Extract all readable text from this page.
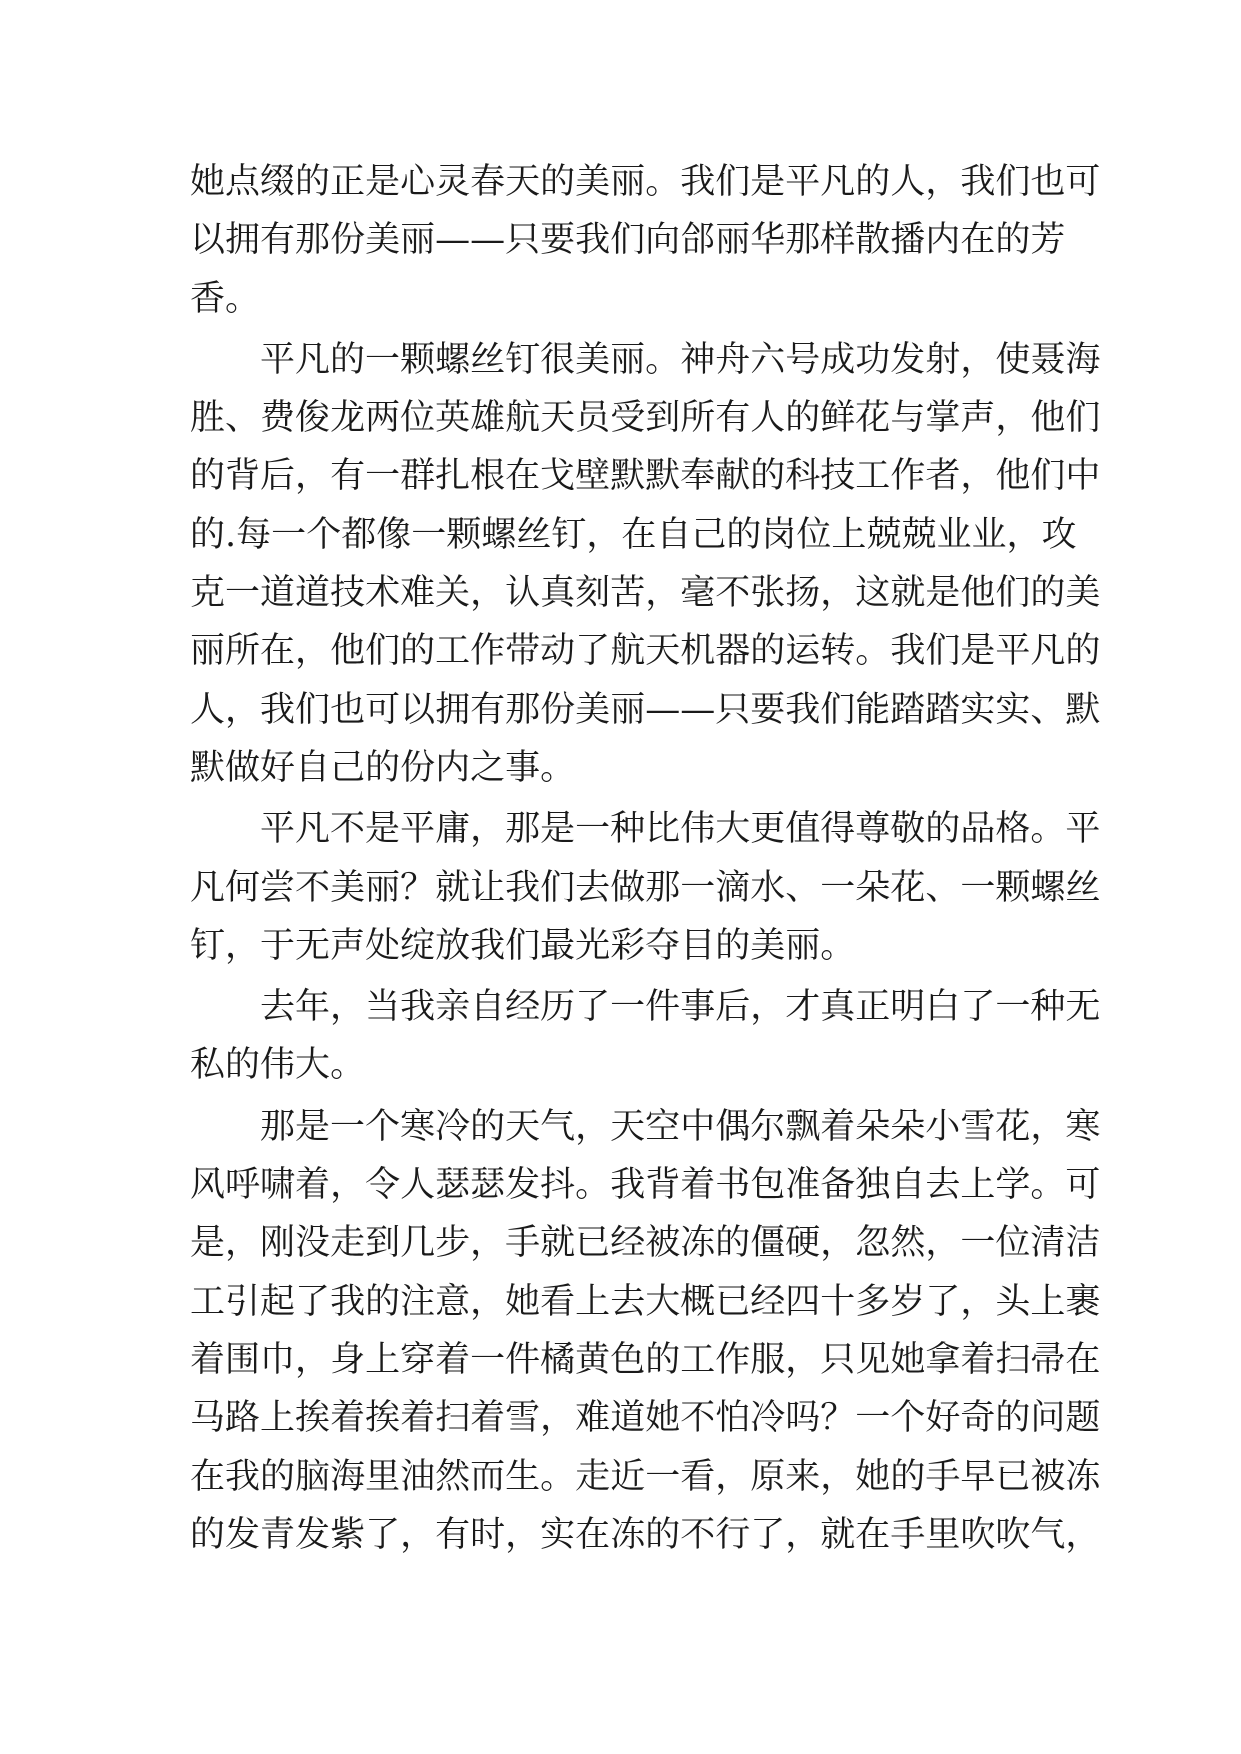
她 点 缀 的 正 是 心 灵 春 天 的 美 丽 。 我 们 是 平 凡 的 人 ， 我 们 也 可
以 拥 有 那 份 美 丽 — — 只 要 我 们 向 郃 丽 华 那 样 散 播 内 在 的 芳
香 。
平 凡 的 一 颗 螺 丝 钉 很 美 丽 。 神 舟 六 号 成 功 发 射 ， 使 聂 海
胜 、 费 俊 龙 两 位 英 雄 航 天 员 受 到 所 有 人 的 鲜 花 与 掌 声 ， 他 们
的 背 后 ， 有 一 群 扎 根 在 戈 壁 默 默 奉 献 的 科 技 工 作 者 ， 他 们 中
的 . 每 一 个 都 像 一 颗 螺 丝 钉 ， 在 自 己 的 岗 位 上 兢 兢 业 业 ， 攻
克 一 道 道 技 术 难 关 ， 认 真 刻 苦 ， 毫 不 张 扬 ， 这 就 是 他 们 的 美
丽 所 在 ， 他 们 的 工 作 带 动 了 航 天 机 器 的 运 转 。 我 们 是 平 凡 的
人 ， 我 们 也 可 以 拥 有 那 份 美 丽 — — 只 要 我 们 能 踏 踏 实 实 、 默
默 做 好 自 己 的 份 内 之 事 。
平 凡 不 是 平 庸 ， 那 是 一 种 比 伟 大 更 值 得 尊 敬 的 品 格 。 平
凡 何 尝 不 美 丽 ？ 就 让 我 们 去 做 那 一 滴 水 、 一 朵 花 、 一 颗 螺 丝
钉 ， 于 无 声 处 绽 放 我 们 最 光 彩 夺 目 的 美 丽 。
去 年 ， 当 我 亲 自 经 历 了 一 件 事 后 ， 才 真 正 明 白 了 一 种 无
私 的 伟 大 。
那 是 一 个 寒 冷 的 天 气 ， 天 空 中 偶 尔 飘 着 朵 朵 小 雪 花 ， 寒
风 呼 啸 着 ， 令 人 瑟 瑟 发 抖 。 我 背 着 书 包 准 备 独 自 去 上 学 。 可
是 ， 刚 没 走 到 几 步 ， 手 就 已 经 被 冻 的 僵 硬 ， 忽 然 ， 一 位 清 洁
工 引 起 了 我 的 注 意 ， 她 看 上 去 大 概 已 经 四 十 多 岁 了 ， 头 上 裹
着 围 巾 ， 身 上 穿 着 一 件 橘 黄 色 的 工 作 服 ， 只 见 她 拿 着 扫 帚 在
马 路 上 挨 着 挨 着 扫 着 雪 ， 难 道 她 不 怕 冷 吗 ？ 一 个 好 奇 的 问 题
在 我 的 脑 海 里 油 然 而 生 。 走 近 一 看 ， 原 来 ， 她 的 手 早 已 被 冻
的 发 青 发 紫 了 ， 有 时 ， 实 在 冻 的 不 行 了 ， 就 在 手 里 吹 吹 气 ，
